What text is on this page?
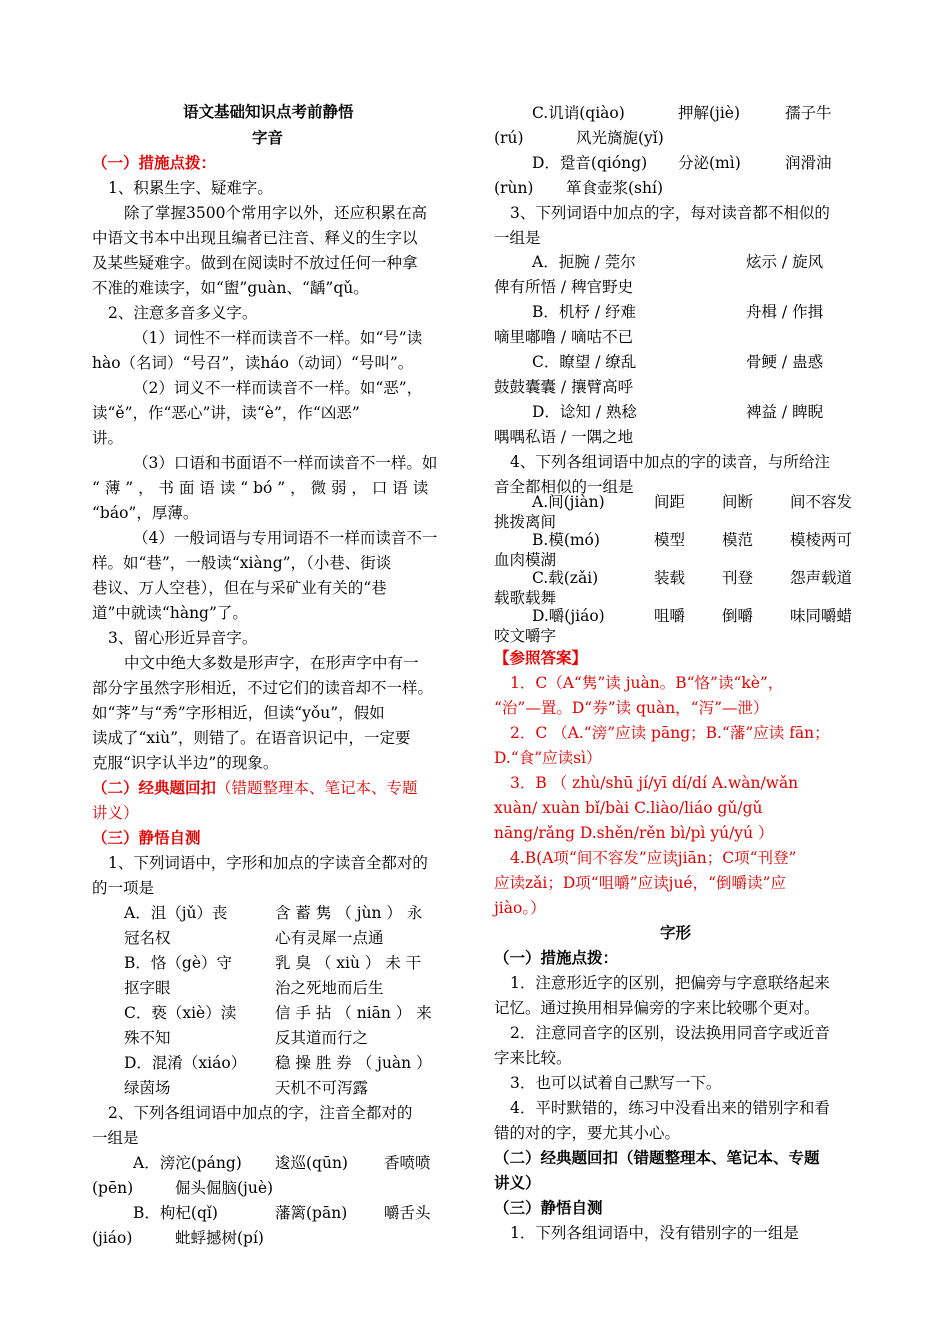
语文基础知识点考前静悟
字音
（一）措施点拨：
1、积累生字、疑难字。
除了掌握3500个常用字以外，还应积累在高
中语文书本中出现且编者已注音、释义的生字以
及某些疑难字。做到在阅读时不放过任何一种拿
不准的难读字，如“盥”guàn、“龋”qǔ。
2、注意多音多义字。
（1）词性不一样而读音不一样。如“号”读
hào（名词）“号召”，读háo（动词）“号叫”。
（2）词义不一样而读音不一样。如“恶”，
读“ě”，作“恶心”讲，读“è”，作“凶恶”
讲。
（3）口语和书面语不一样而读音不一样。如
“ 薄 ” ， 书 面 语 读 “ bó ” ， 微 弱 ， 口 语 读
“báo”，厚薄。
（4）一般词语与专用词语不一样而读音不一
样。如“巷”，一般读“xiàng”，（小巷、街谈
巷议、万人空巷），但在与采矿业有关的“巷
道”中就读“hàng”了。
3、留心形近异音字。
中文中绝大多数是形声字，在形声字中有一
部分字虽然字形相近，不过它们的读音却不一样。
如“荠”与“秀”字形相近，但读“yǒu”，假如
读成了“xiù”，则错了。在语音识记中，一定要
克服“识字认半边”的现象。
（二）经典题回扣（错题整理本、笔记本、专题
讲义）
（三）静悟自测
1、下列词语中，字形和加点的字读音全都对的
的一项是
A．沮（jǔ）丧	含 蓄 隽 （ jùn ） 永
冠名权	心有灵犀一点通
B．恪（gè）守	乳 臭 （ xiù ） 未 干
抠字眼	治之死地而后生
C．亵（xiè）渎	信 手 拈 （ niān ） 来
殊不知	反其道而行之
D．混淆（xiáo） 稳 操 胜 券 （ juàn ）
绿茵场	天机不可泻露
2、下列各组词语中加点的字，注音全都对的
一组是
A．滂沱(páng) 逡巡(qūn) 香喷喷
(pēn)	倔头倔脑(juè)
B．枸杞(qǐ)	藩篱(pān) 嚼舌头
(jiáo)	蚍蜉撼树(pí)
C.讥诮(qiào)	押解(jiè)	孺子牛
(rú)	风光旖旎(yǐ)
D．跫音(qióng) 分泌(mì)	润滑油
(rùn) 箪食壶浆(shí)
3、下列词语中加点的字，每对读音都不相似的
一组是
A．扼腕 / 莞尔	炫示 / 旋风
俾有所悟 / 稗官野史
B．机杼 / 纾难	舟楫 / 作揖
嘀里嘟噜 / 嘀咕不已
C．瞭望 / 缭乱	骨鲠 / 蛊惑
鼓鼓囊囊 / 攘臂高呼
D．谂知 / 熟稔	裨益 / 睥睨
喁喁私语 / 一隅之地
4、下列各组词语中加点的字的读音，与所给注
音全都相似的一组是
A.间(jiàn)	间距 间断 间不容发
挑拨离间
B.模(mó)	模型 模范 模棱两可
血肉模湖
C.载(zǎi)	装载 刊登 怨声载道
载歌载舞
D.嚼(jiáo)	咀嚼 倒嚼 味同嚼蜡
咬文嚼字
【参照答案】
1．C（A“隽”读 juàn。B“恪”读“kè”，
“治”—置。D“券”读 quàn，“泻”—泄）
2．C （A.“滂”应读 pāng；B.“藩”应读 fān；
D.“食”应读sì）
3．B （ zhù/shū jí/yī dí/dí A.wàn/wǎn
xuàn/ xuàn bǐ/bài C.liào/liáo gǔ/gǔ
nāng/rǎng D.shěn/rěn bì/pì yú/yú ）
4.B(A项“间不容发”应读jiān；C项“刊登”
应读zǎi；D项“咀嚼”应读jué，“倒嚼读”应
jiào。）
字形
（一）措施点拨：
1．注意形近字的区别，把偏旁与字意联络起来
记忆。通过换用相异偏旁的字来比较哪个更对。
2．注意同音字的区别，设法换用同音字或近音
字来比较。
3．也可以试着自己默写一下。
4．平时默错的，练习中没看出来的错别字和看
错的对的字，要尤其小心。
（二）经典题回扣（错题整理本、笔记本、专题
讲义）
（三）静悟自测
1．下列各组词语中，没有错别字的一组是
